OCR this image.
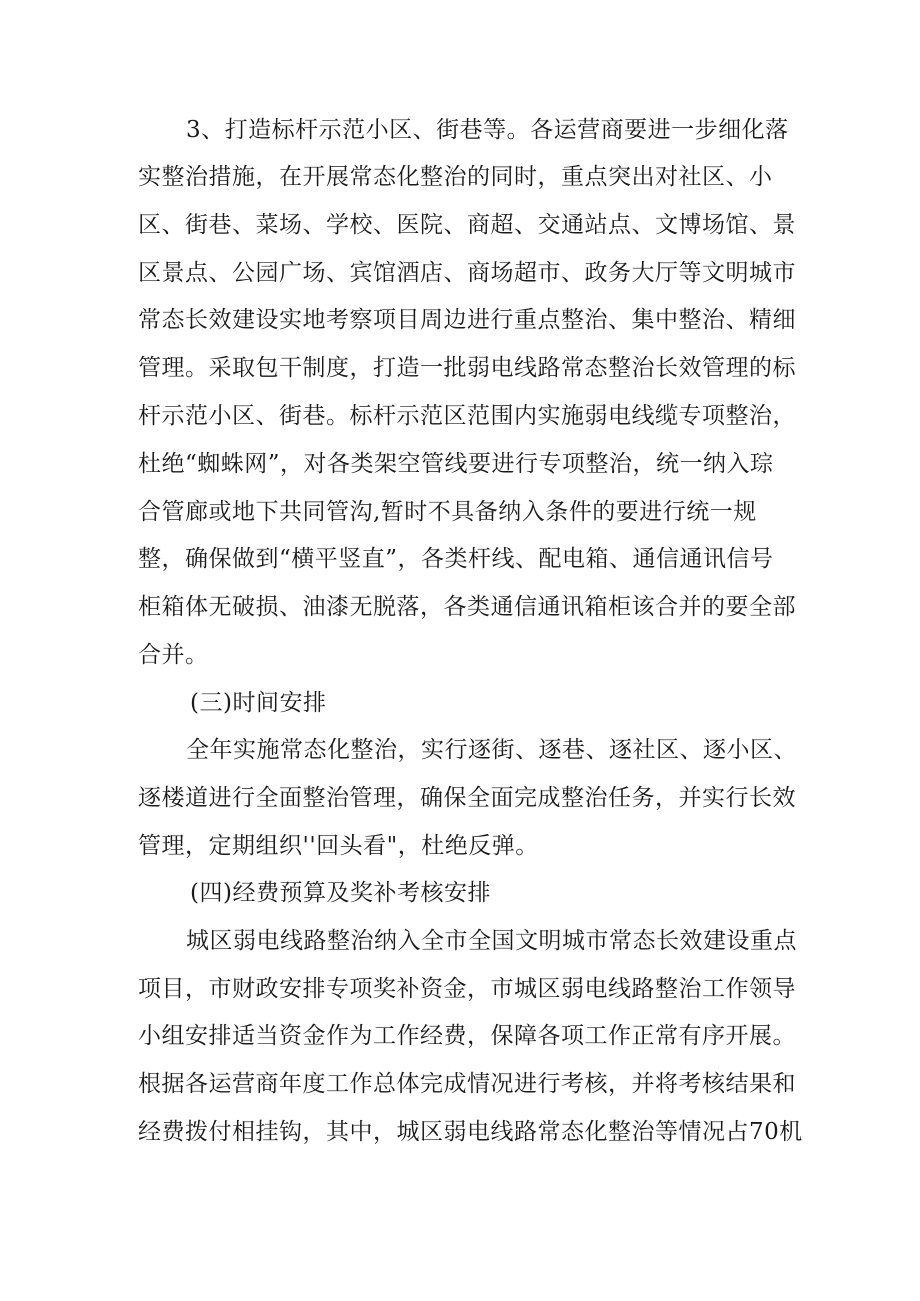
3、打造标杆示范小区、街巷等。各运营商要进一步细化落
实整治措施，在开展常态化整治的同时，重点突出对社区、小
区、街巷、菜场、学校、医院、商超、交通站点、文博场馆、景
区景点、公园广场、宾馆酒店、商场超市、政务大厅等文明城市
常态长效建设实地考察项目周边进行重点整治、集中整治、精细
管理。采取包干制度，打造一批弱电线路常态整治长效管理的标
杆示范小区、街巷。标杆示范区范围内实施弱电线缆专项整治，
杜绝“蜘蛛网”，对各类架空管线要进行专项整治，统一纳入琮
合管廊或地下共同管沟,暂时不具备纳入条件的要进行统一规
整，确保做到“横平竖直”，各类杆线、配电箱、通信通讯信号
柜箱体无破损、油漆无脱落，各类通信通讯箱柜该合并的要全部
合并。
(三)时间安排
全年实施常态化整治，实行逐街、逐巷、逐社区、逐小区、
逐楼道进行全面整治管理，确保全面完成整治任务，并实行长效
管理，定期组织''回头看"，杜绝反弹。
(四)经费预算及奖补考核安排
城区弱电线路整治纳入全市全国文明城市常态长效建设重点
项目，市财政安排专项奖补资金，市城区弱电线路整治工作领导
小组安排适当资金作为工作经费，保障各项工作正常有序开展。
根据各运营商年度工作总体完成情况进行考核，并将考核结果和
经费拨付相挂钩，其中，城区弱电线路常态化整治等情况占70机
